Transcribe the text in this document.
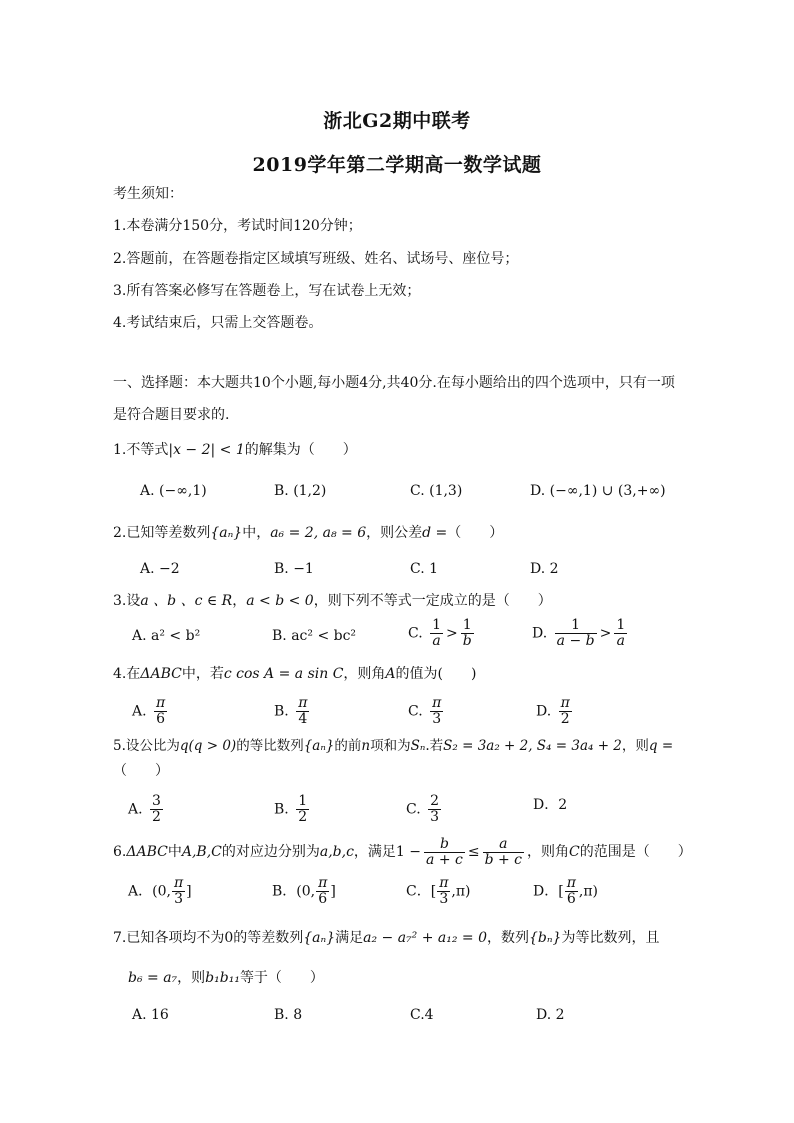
浙北G2期中联考
2019学年第二学期高一数学试题
考生须知：
1.本卷满分150分，考试时间120分钟；
2.答题前，在答题卷指定区域填写班级、姓名、试场号、座位号；
3.所有答案必修写在答题卷上，写在试卷上无效；
4.考试结束后，只需上交答题卷。
一、选择题：本大题共10个小题,每小题4分,共40分.在每小题给出的四个选项中，只有一项
是符合题目要求的.
1.不等式|x − 2| < 1的解集为（　　）
A. (−∞,1)	B. (1,2)	C. (1,3)	D. (−∞,1) ∪ (3,+∞)
2.已知等差数列{aₙ}中，a₆ = 2, a₈ = 6，则公差d =（　　）
A. −2	B. −1	C. 1	D. 2
3.设a 、b 、c ∈ R，a < b < 0，则下列不等式一定成立的是（　　）
A. a² < b²	B. ac² < bc²	C. $\frac{1}{a} > \frac{1}{b}$	D. $\frac{1}{a - b} > \frac{1}{a}$
4.在ΔABC中，若c cos A = a sin C，则角A的值为(　　)
A. $\frac{\pi}{6}$	B. $\frac{\pi}{4}$	C. $\frac{\pi}{3}$	D. $\frac{\pi}{2}$
5.设公比为q(q > 0)的等比数列{aₙ}的前n项和为Sₙ.若S₂ = 3a₂ + 2, S₄ = 3a₄ + 2，则q =
（　　）
A. $\frac{3}{2}$	B. $\frac{1}{2}$	C. $\frac{2}{3}$	D．2
6.ΔABC中A,B,C的对应边分别为a,b,c，满足$1 - \frac{b}{a + c} \le \frac{a}{b + c}$ ，则角C的范围是（　　）
A．(0, $\frac{\pi}{3}$ ]	B．(0, $\frac{\pi}{6}$ ]	C．[ $\frac{\pi}{3} ,\pi$)	D．[ $\frac{\pi}{6} ,\pi$)
7.已知各项均不为0的等差数列{aₙ}满足a₂ − a₇² + a₁₂ = 0，数列{bₙ}为等比数列，且
b₆ = a₇，则b₁b₁₁等于（　　）
A. 16	B. 8	C.4	D. 2
